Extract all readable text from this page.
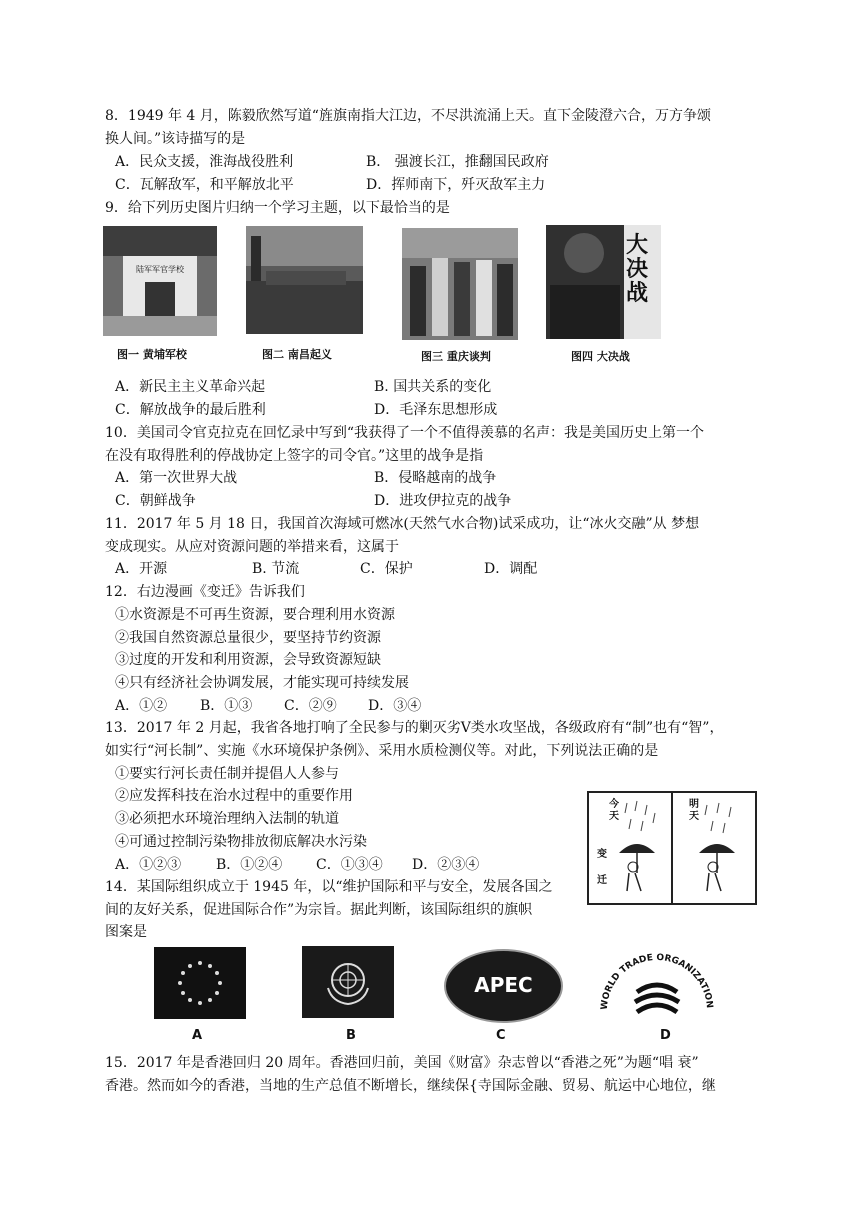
8．1949 年 4 月，陈毅欣然写道“旌旗南指大江边，不尽洪流涌上天。直下金陵澄六合，万方争颂
换人间。”该诗描写的是
A．民众支援，淮海战役胜利	B． 强渡长江，推翻国民政府
C．瓦解敌军，和平解放北平	D．挥师南下，歼灭敌军主力
9．给下列历史图片归纳一个学习主题，以下最恰当的是
陆军军官学校
图一 黄埔军校	图二 南昌起义	图三 重庆谈判
大决战
图四 大决战
A．新民主主义革命兴起	B. 国共关系的变化
C．解放战争的最后胜利	D．毛泽东思想形成
10．美国司令官克拉克在回忆录中写到“我获得了一个不值得羡慕的名声：我是美国历史上第一个
在没有取得胜利的停战协定上签字的司令官。”这里的战争是指
A．第一次世界大战	B．侵略越南的战争
C．朝鲜战争	D．进攻伊拉克的战争
11．2017 年 5 月 18 日，我国首次海域可燃冰(天然气水合物)试采成功，让“冰火交融”从 梦想
变成现实。从应对资源问题的举措来看，这属于
A．开源	B. 节流	C．保护	D．调配
12．右边漫画《变迁》告诉我们
①水资源是不可再生资源，要合理利用水资源
②我国自然资源总量很少，要坚持节约资源
③过度的开发和利用资源，会导致资源短缺
④只有经济社会协调发展，才能实现可持续发展
A．①② B．①③ C．②⑨ D．③④
13．2017 年 2 月起，我省各地打响了全民参与的剿灭劣Ⅴ类水攻坚战，各级政府有“制”也有“智”，
如实行“河长制”、实施《水环境保护条例》、采用水质检测仪等。对此，下列说法正确的是
①要实行河长责任制并提倡人人参与
②应发挥科技在治水过程中的重要作用
③必须把水环境治理纳入法制的轨道
④可通过控制污染物排放彻底解决水污染
A．①②③ B．①②④ C．①③④ D．②③④
今天
明天
变
迁
14．某国际组织成立于 1945 年，以“维护国际和平与安全，发展各国之
间的友好关系，促进国际合作”为宗旨。据此判断，该国际组织的旗帜
图案是
A	B
APEC
C
WORLD TRADE ORGANIZATION
D
15．2017 年是香港回归 20 周年。香港回归前，美国《财富》杂志曾以“香港之死”为题“唱 衰”
香港。然而如今的香港，当地的生产总值不断增长，继续保{寺国际金融、贸易、航运中心地位，继
